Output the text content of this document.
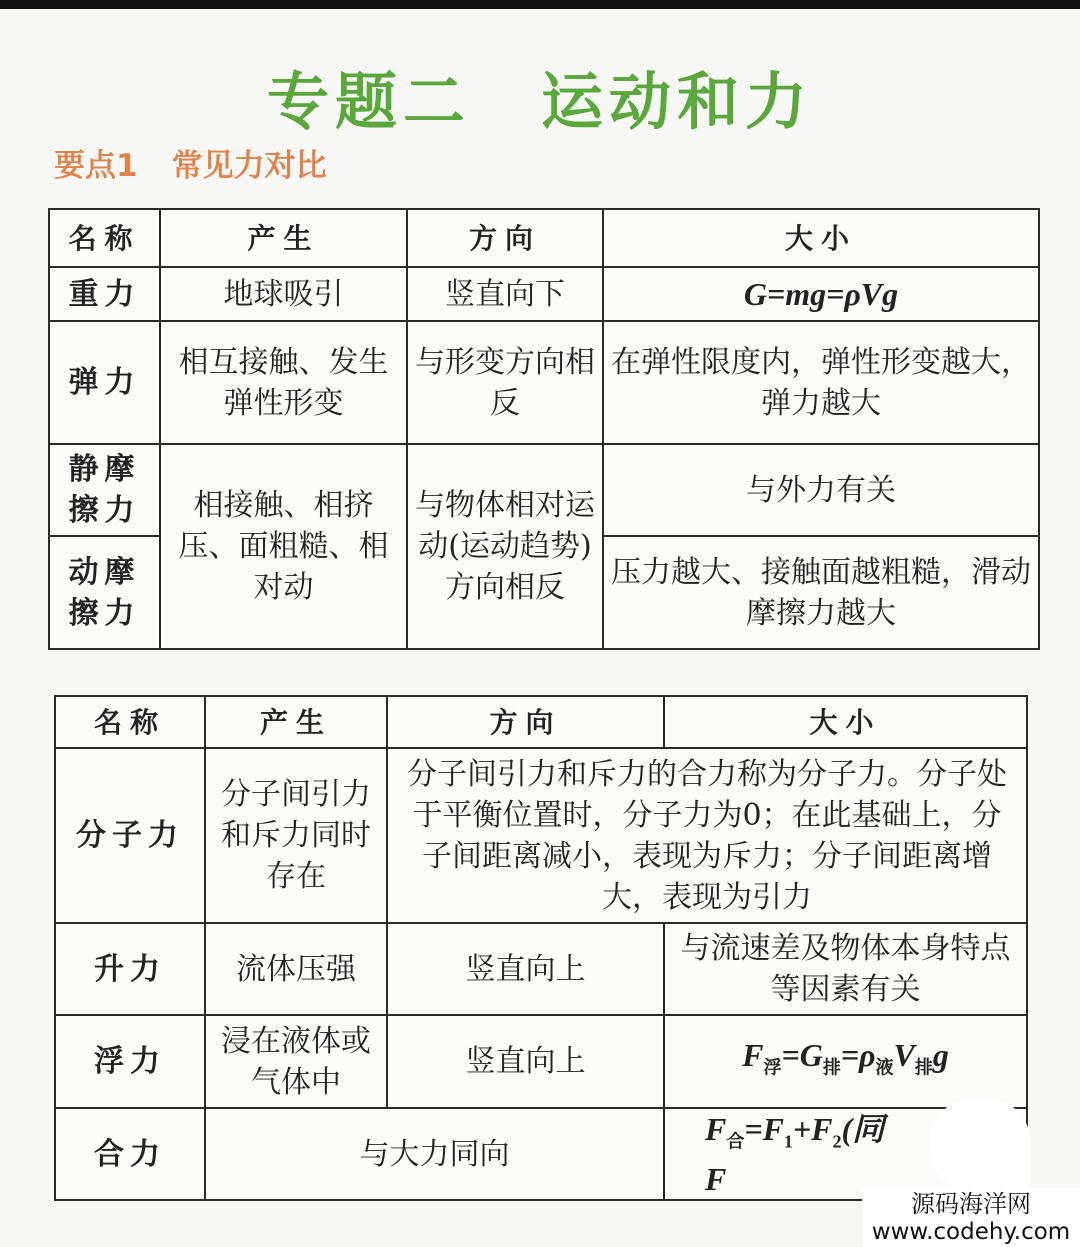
专题二 运动和力
要点1 常见力对比
名称	产生	方向	大小
重力	地球吸引	竖直向下	G=mg=ρVg
弹力	相互接触、发生弹性形变	与形变方向相反	在弹性限度内，弹性形变越大，弹力越大
静摩擦力	相接触、相挤压、面粗糙、相对动	与物体相对运动(运动趋势)方向相反	与外力有关
动摩擦力			压力越大、接触面越粗糙，滑动摩擦力越大
名称	产生	方向	大小
分子力	分子间引力和斥力同时存在	分子间引力和斥力的合力称为分子力。分子处于平衡位置时，分子力为0；在此基础上，分子间距离减小，表现为斥力；分子间距离增大，表现为引力	
升力	流体压强	竖直向上	与流速差及物体本身特点等因素有关
浮力	浸在液体或气体中	竖直向上	$F_浮=G_排=\rho_液V_排g$
合力	与大力同向		$F_合=F_1+F_2$(同
F
源码海洋网
www.codehy.com
